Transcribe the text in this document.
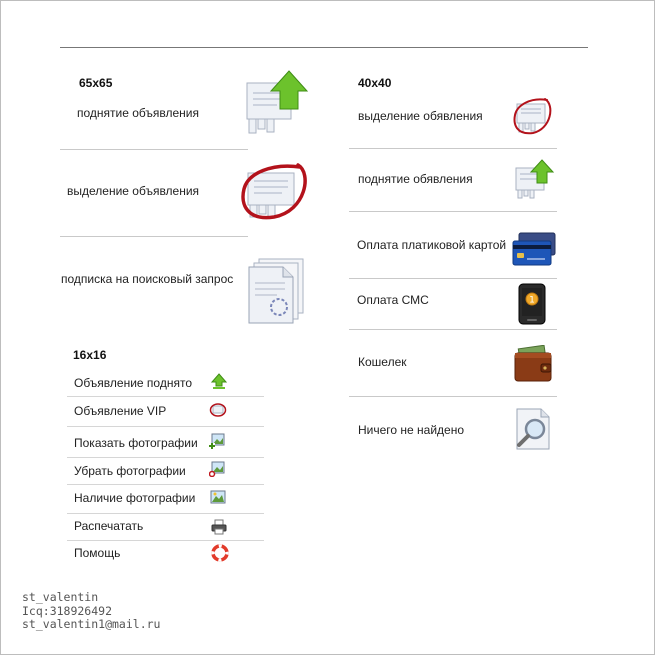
65x65
поднятие объявления
выделение объявления
подписка на поисковый запрос
16x16
Объявление поднято
Объявление VIP
Показать фотографии
Убрать фотографии
Наличие фотографии
Распечатать
Помощь
40x40
выделение обявления
поднятие обявления
Оплата платиковой картой
Оплата СМС	1
Кошелек
Ничего не найдено
st_valentin
Icq:318926492
st_valentin1@mail.ru
